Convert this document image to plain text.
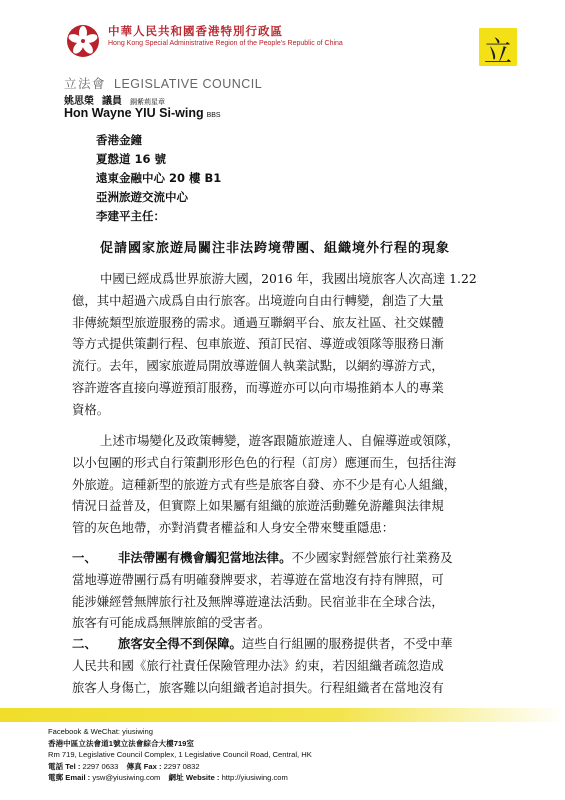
中華人民共和國香港特別行政區
Hong Kong Special Administrative Region of the People's Republic of China	立
立法會 LEGISLATIVE COUNCIL
姚思榮 議員 銅紫荊星章
Hon Wayne YIU Si-wing BBS
香港金鐘
夏慤道 16 號
遠東金融中心 20 樓 B1
亞洲旅遊交流中心
李建平主任：
促請國家旅遊局關注非法跨境帶團、組織境外行程的現象
中國已經成爲世界旅游大國，2016 年，我國出境旅客人次高達 1.22
億，其中超過六成爲自由行旅客。出境遊向自由行轉變，創造了大量
非傳統類型旅遊服務的需求。通過互聯網平台、旅友社區、社交媒體
等方式提供策劃行程、包車旅遊、預訂民宿、導遊或領隊等服務日漸
流行。去年，國家旅遊局開放導遊個人執業試點，以網約導游方式，
容許遊客直接向導遊預訂服務，而導遊亦可以向市場推銷本人的專業
資格。
上述市場變化及政策轉變，遊客跟隨旅遊達人、自僱導遊或領隊，
以小包團的形式自行策劃形形色色的行程（訂房）應運而生，包括往海
外旅遊。這種新型的旅遊方式有些是旅客自發、亦不少是有心人組織，
情況日益普及，但實際上如果屬有組織的旅遊活動難免游離與法律規
管的灰色地帶，亦對消費者權益和人身安全帶來雙重隱患：
一、 非法帶團有機會觸犯當地法律。不少國家對經營旅行社業務及
當地導遊帶團行爲有明確發牌要求，若導遊在當地沒有持有牌照，可
能涉嫌經營無牌旅行社及無牌導遊違法活動。民宿並非在全球合法，
旅客有可能成爲無牌旅館的受害者。
二、 旅客安全得不到保障。這些自行組團的服務提供者，不受中華
人民共和國《旅行社責任保險管理办法》約束，若因組織者疏忽造成
旅客人身傷亡，旅客難以向組織者追討損失。行程組織者在當地沒有
Facebook & WeChat: yiusiwing
香港中區立法會道1號立法會綜合大樓719室
Rm 719, Legislative Council Complex, 1 Legislative Council Road, Central, HK
電話 Tel : 2297 0633 傳真 Fax : 2297 0832
電郵 Email : ysw@yiusiwing.com 網址 Website : http://yiusiwing.com
